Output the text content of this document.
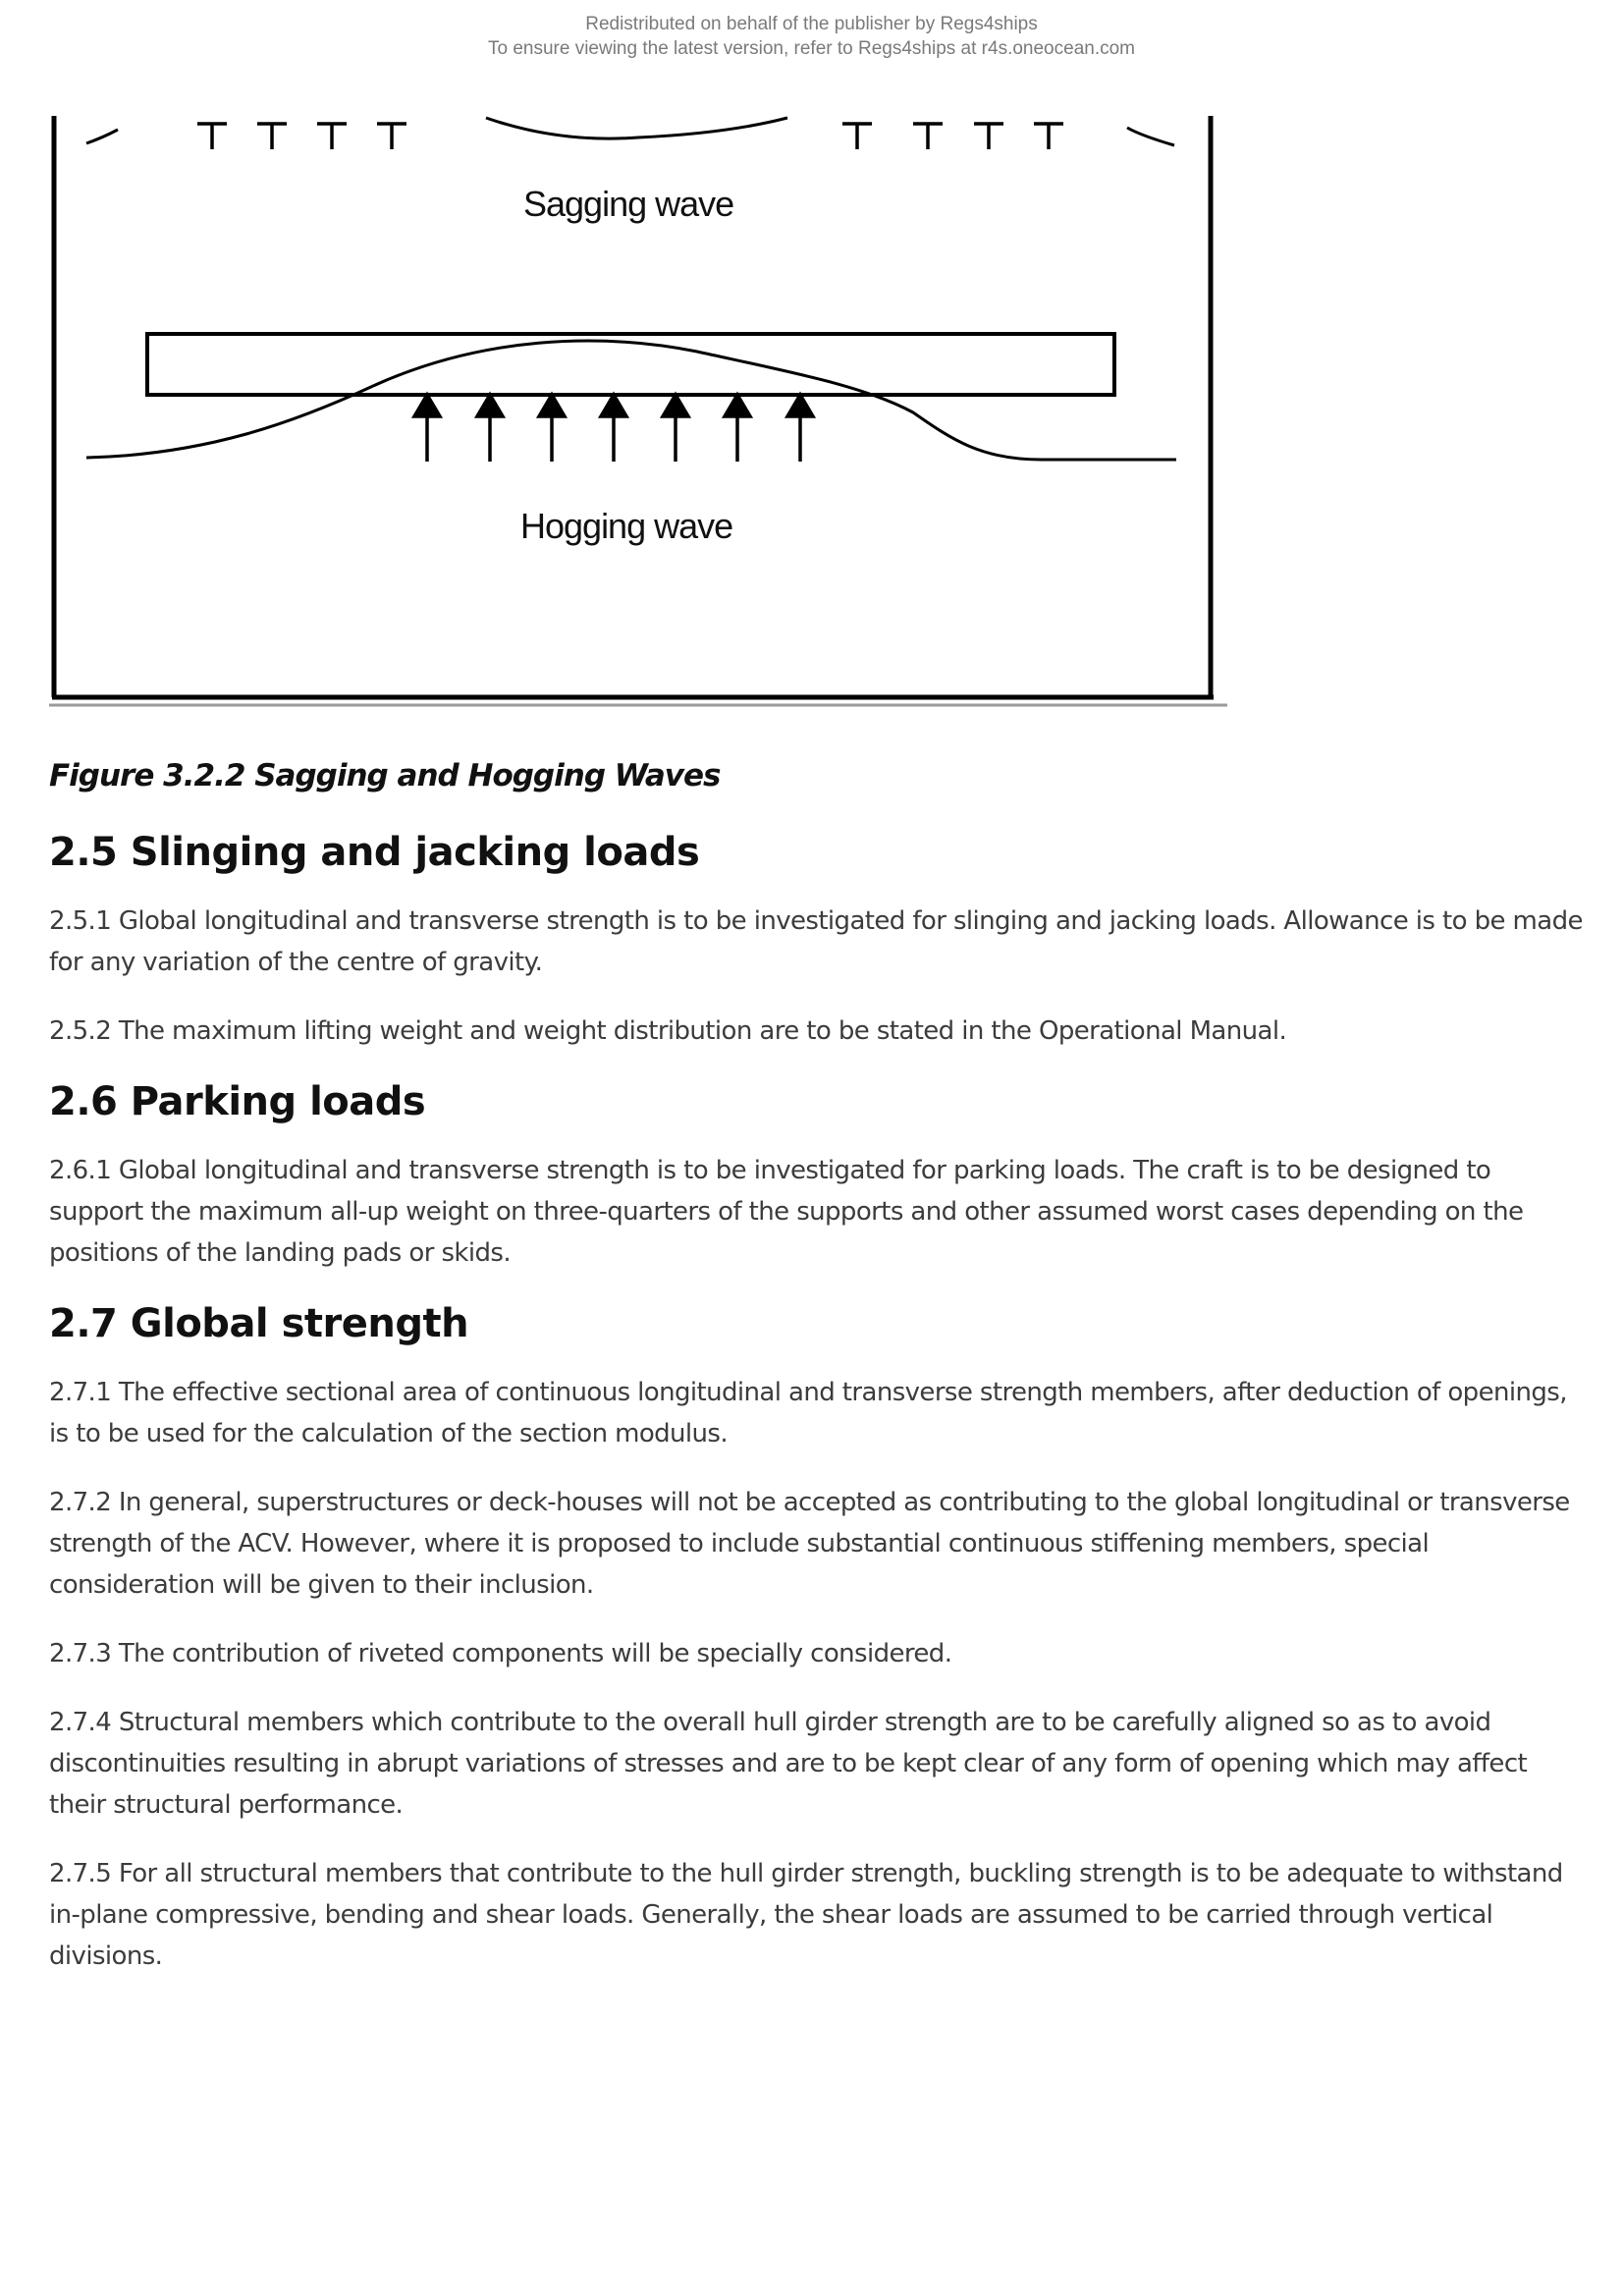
Redistributed on behalf of the publisher by Regs4ships
To ensure viewing the latest version, refer to Regs4ships at r4s.oneocean.com
Sagging wave
Hogging wave
Figure 3.2.2 Sagging and Hogging Waves
2.5 Slinging and jacking loads

2.5.1 Global longitudinal and transverse strength is to be investigated for slinging and jacking loads. Allowance is to be made for any variation of the centre of gravity.

2.5.2 The maximum lifting weight and weight distribution are to be stated in the Operational Manual.

2.6 Parking loads

2.6.1 Global longitudinal and transverse strength is to be investigated for parking loads. The craft is to be designed to support the maximum all-up weight on three-quarters of the supports and other assumed worst cases depending on the positions of the landing pads or skids.

2.7 Global strength

2.7.1 The effective sectional area of continuous longitudinal and transverse strength members, after deduction of openings, is to be used for the calculation of the section modulus.

2.7.2 In general, superstructures or deck-houses will not be accepted as contributing to the global longitudinal or transverse strength of the ACV. However, where it is proposed to include substantial continuous stiffening members, special consideration will be given to their inclusion.

2.7.3 The contribution of riveted components will be specially considered.

2.7.4 Structural members which contribute to the overall hull girder strength are to be carefully aligned so as to avoid discontinuities resulting in abrupt variations of stresses and are to be kept clear of any form of opening which may affect their structural performance.

2.7.5 For all structural members that contribute to the hull girder strength, buckling strength is to be adequate to withstand in-plane compressive, bending and shear loads. Generally, the shear loads are assumed to be carried through vertical divisions.
